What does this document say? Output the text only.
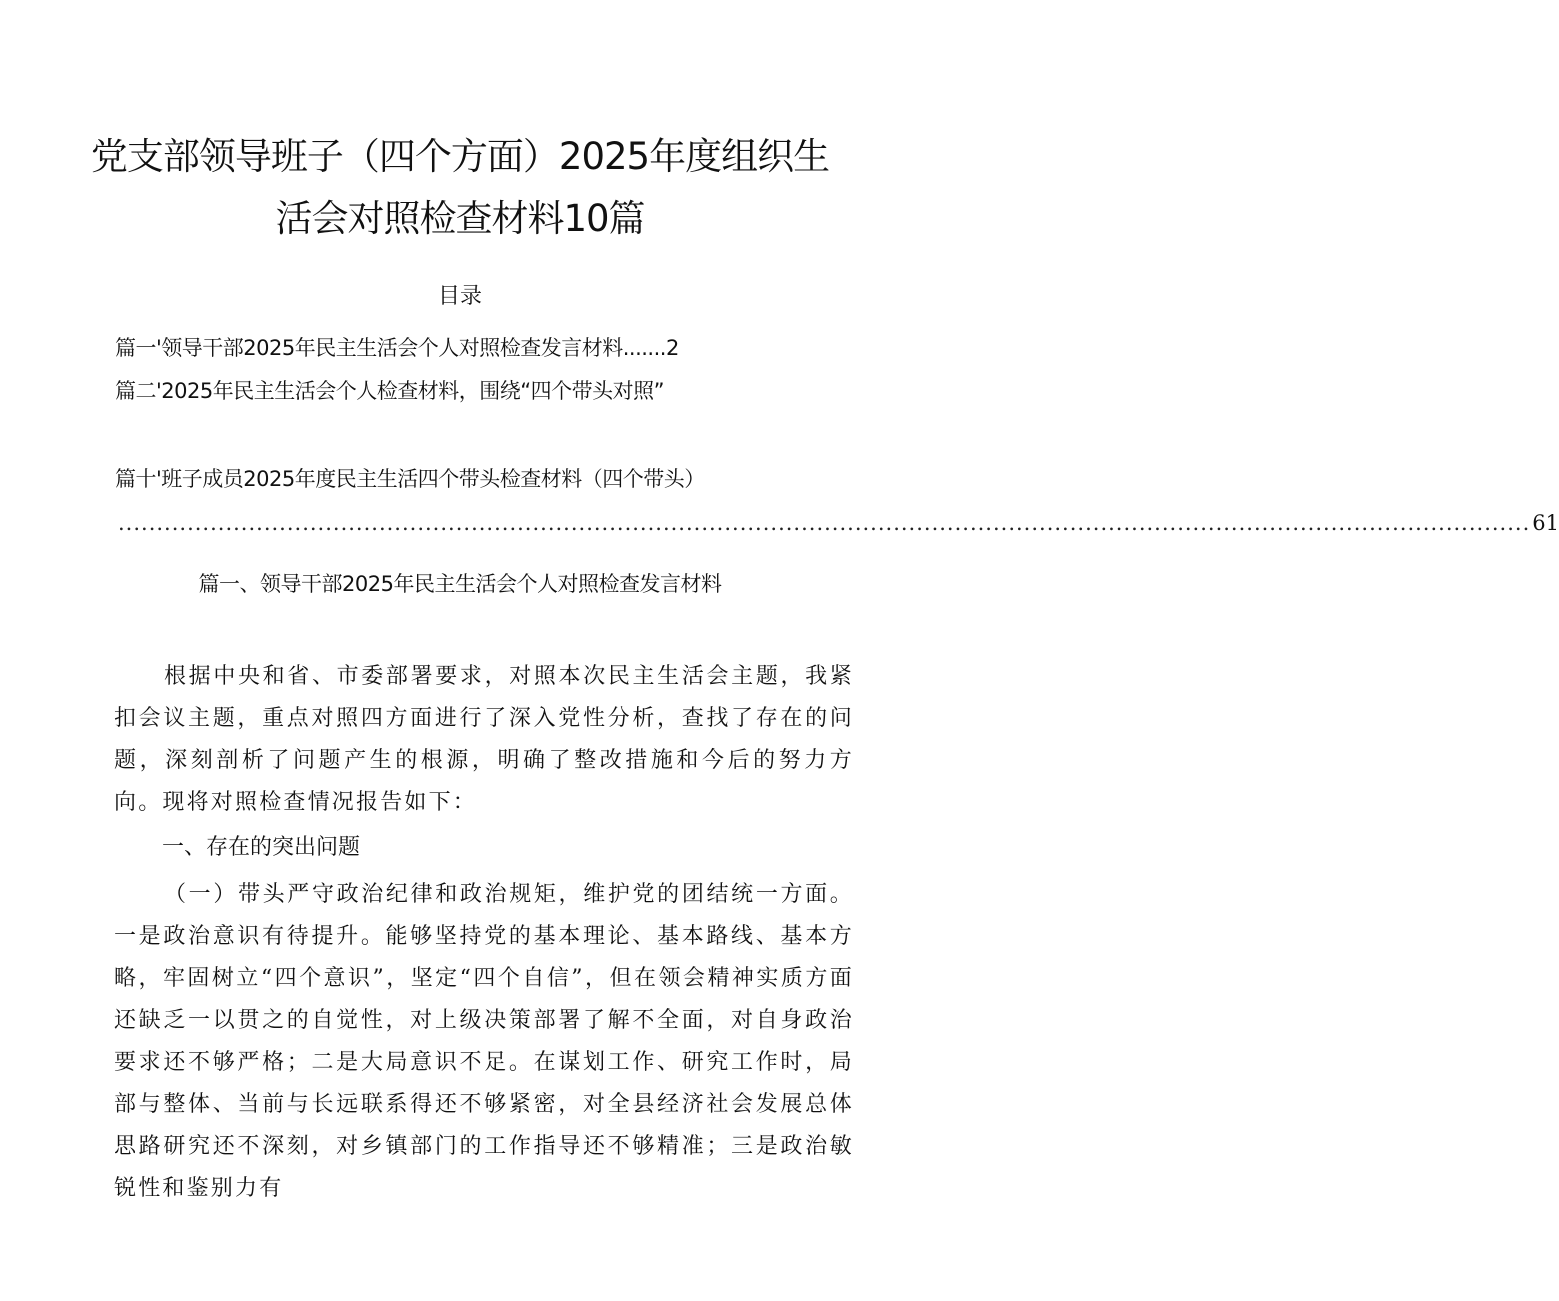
党支部领导班子（四个方面）2025年度组织生
活会对照检查材料10篇
目录
篇一'领导干部2025年民主生活会个人对照检查发言材料.......2
篇二'2025年民主生活会个人检查材料，围绕“四个带头对照”
篇十'班子成员2025年度民主生活四个带头检查材料（四个带头）
........................................................................................................................................................................................ 61
篇一、领导干部2025年民主生活会个人对照检查发言材料

根据中央和省、市委部署要求，对照本次民主生活会主题，我紧扣会议主题，重点对照四方面进行了深入党性分析，查找了存在的问题，深刻剖析了问题产生的根源，明确了整改措施和今后的努力方向。现将对照检查情况报告如下：

一、存在的突出问题

（一）带头严守政治纪律和政治规矩，维护党的团结统一方面。一是政治意识有待提升。能够坚持党的基本理论、基本路线、基本方略，牢固树立“四个意识”，坚定“四个自信”，但在领会精神实质方面还缺乏一以贯之的自觉性，对上级决策部署了解不全面，对自身政治要求还不够严格；二是大局意识不足。在谋划工作、研究工作时，局部与整体、当前与长远联系得还不够紧密，对全县经济社会发展总体思路研究还不深刻，对乡镇部门的工作指导还不够精准；三是政治敏锐性和鉴别力有
